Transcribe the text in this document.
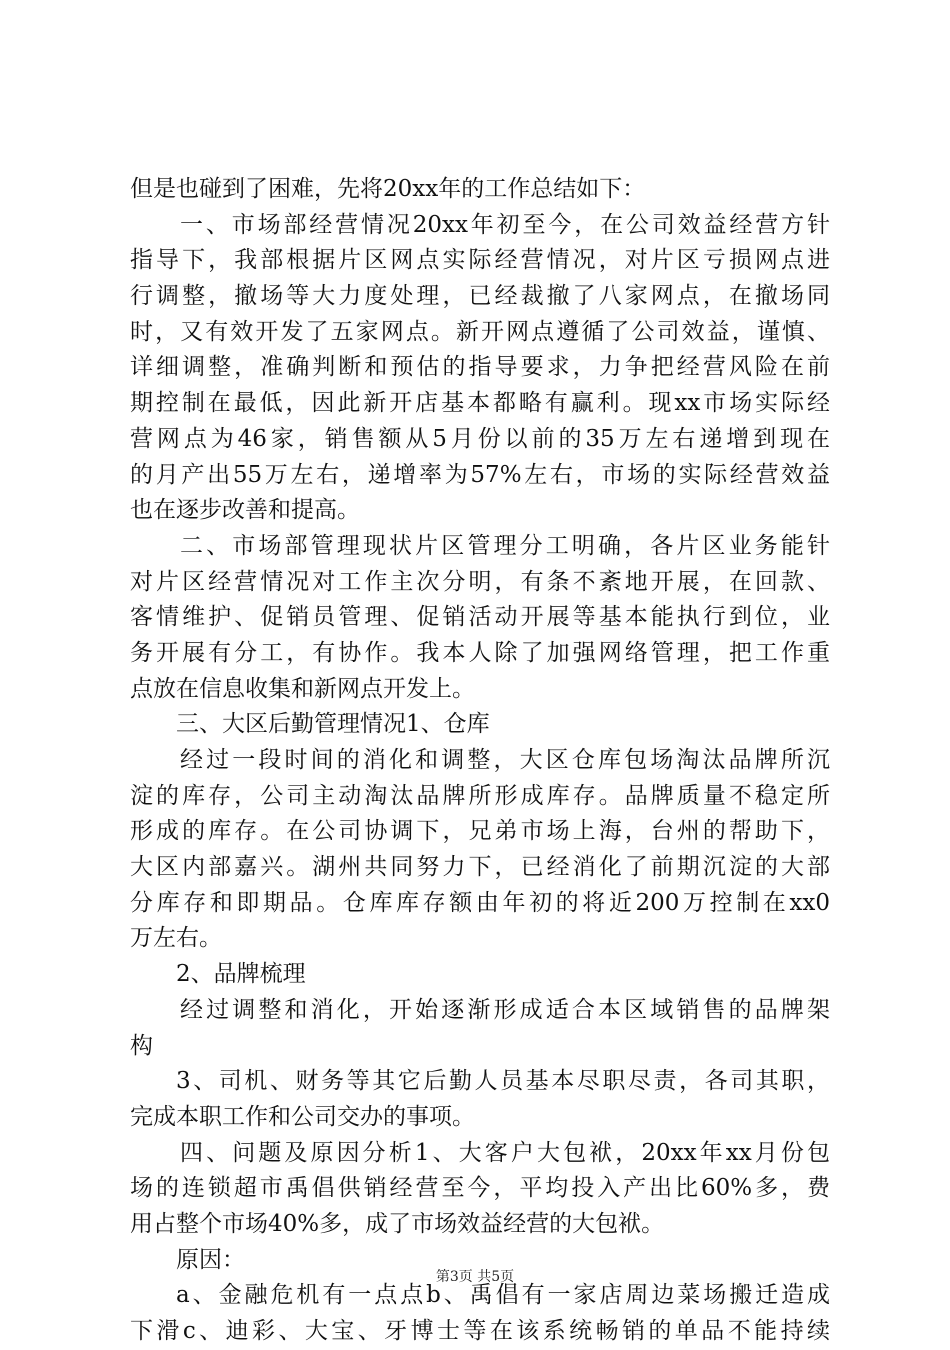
但是也碰到了困难，先将20xx年的工作总结如下：
一、市场部经营情况20xx年初至今，在公司效益经营方针
指导下，我部根据片区网点实际经营情况，对片区亏损网点进
行调整，撤场等大力度处理，已经裁撤了八家网点，在撤场同
时，又有效开发了五家网点。新开网点遵循了公司效益，谨慎、
详细调整，准确判断和预估的指导要求，力争把经营风险在前
期控制在最低，因此新开店基本都略有赢利。现xx市场实际经
营网点为46家，销售额从5月份以前的35万左右递增到现在
的月产出55万左右，递增率为57%左右，市场的实际经营效益
也在逐步改善和提高。
二、市场部管理现状片区管理分工明确，各片区业务能针
对片区经营情况对工作主次分明，有条不紊地开展，在回款、
客情维护、促销员管理、促销活动开展等基本能执行到位，业
务开展有分工，有协作。我本人除了加强网络管理，把工作重
点放在信息收集和新网点开发上。
三、大区后勤管理情况1、仓库
经过一段时间的消化和调整，大区仓库包场淘汰品牌所沉
淀的库存，公司主动淘汰品牌所形成库存。品牌质量不稳定所
形成的库存。在公司协调下，兄弟市场上海，台州的帮助下，
大区内部嘉兴。湖州共同努力下，已经消化了前期沉淀的大部
分库存和即期品。仓库库存额由年初的将近200万控制在xx0
万左右。
2、品牌梳理
经过调整和消化，开始逐渐形成适合本区域销售的品牌架
构
3、司机、财务等其它后勤人员基本尽职尽责，各司其职，
完成本职工作和公司交办的事项。
四、问题及原因分析1、大客户大包袱，20xx年xx月份包
场的连锁超市禹倡供销经营至今，平均投入产出比60%多，费
用占整个市场40%多，成了市场效益经营的大包袱。
原因：
a、金融危机有一点点b、禹倡有一家店周边菜场搬迁造成
下滑c、迪彩、大宝、牙博士等在该系统畅销的单品不能持续
第3页 共5页
